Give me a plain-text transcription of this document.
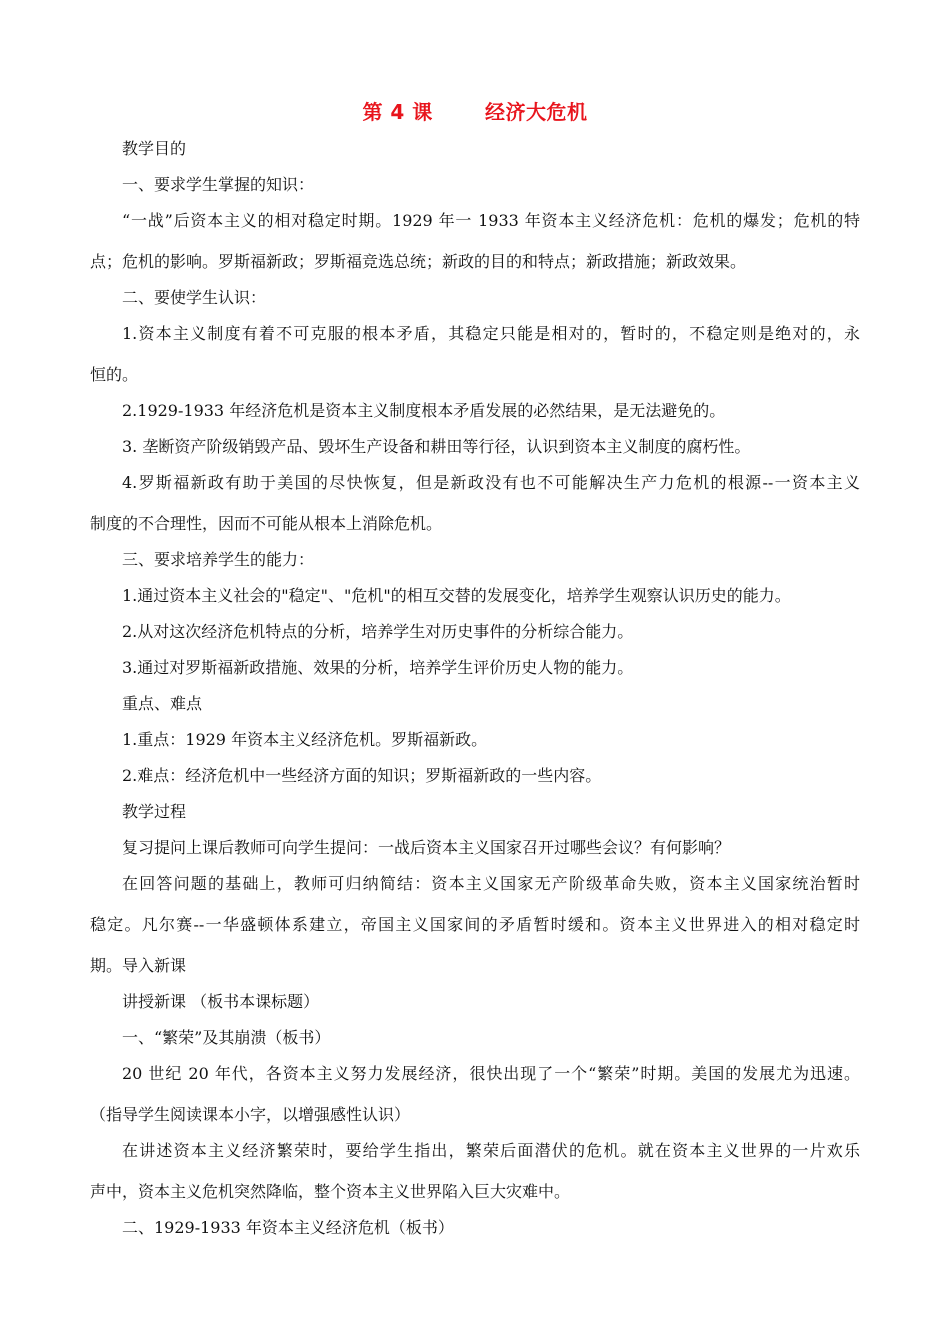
第 4 课       经济大危机
教学目的
一、要求学生掌握的知识：
“一战”后资本主义的相对稳定时期。1929 年一 1933 年资本主义经济危机：危机的爆发；危机的特
点；危机的影响。罗斯福新政；罗斯福竞选总统；新政的目的和特点；新政措施；新政效果。
二、要使学生认识：
1.资本主义制度有着不可克服的根本矛盾，其稳定只能是相对的，暂时的，不稳定则是绝对的，永
恒的。
2.1929-1933 年经济危机是资本主义制度根本矛盾发展的必然结果，是无法避免的。
3. 垄断资产阶级销毁产品、毁坏生产设备和耕田等行径，认识到资本主义制度的腐朽性。
4.罗斯福新政有助于美国的尽快恢复，但是新政没有也不可能解决生产力危机的根源--一资本主义
制度的不合理性，因而不可能从根本上消除危机。
三、要求培养学生的能力：
1.通过资本主义社会的"稳定"、"危机"的相互交替的发展变化，培养学生观察认识历史的能力。
2.从对这次经济危机特点的分析，培养学生对历史事件的分析综合能力。
3.通过对罗斯福新政措施、效果的分析，培养学生评价历史人物的能力。
重点、难点
1.重点：1929 年资本主义经济危机。罗斯福新政。
2.难点：经济危机中一些经济方面的知识；罗斯福新政的一些内容。
教学过程
复习提问上课后教师可向学生提问：一战后资本主义国家召开过哪些会议？有何影响？
在回答问题的基础上，教师可归纳简结：资本主义国家无产阶级革命失败，资本主义国家统治暂时
稳定。凡尔赛--一华盛顿体系建立，帝国主义国家间的矛盾暂时缓和。资本主义世界进入的相对稳定时
期。导入新课
讲授新课 （板书本课标题）
一、“繁荣”及其崩溃（板书）
20 世纪 20 年代，各资本主义努力发展经济，很快出现了一个“繁荣”时期。美国的发展尤为迅速。
（指导学生阅读课本小字，以增强感性认识）
在讲述资本主义经济繁荣时，要给学生指出，繁荣后面潜伏的危机。就在资本主义世界的一片欢乐
声中，资本主义危机突然降临，整个资本主义世界陷入巨大灾难中。
二、1929-1933 年资本主义经济危机（板书）
